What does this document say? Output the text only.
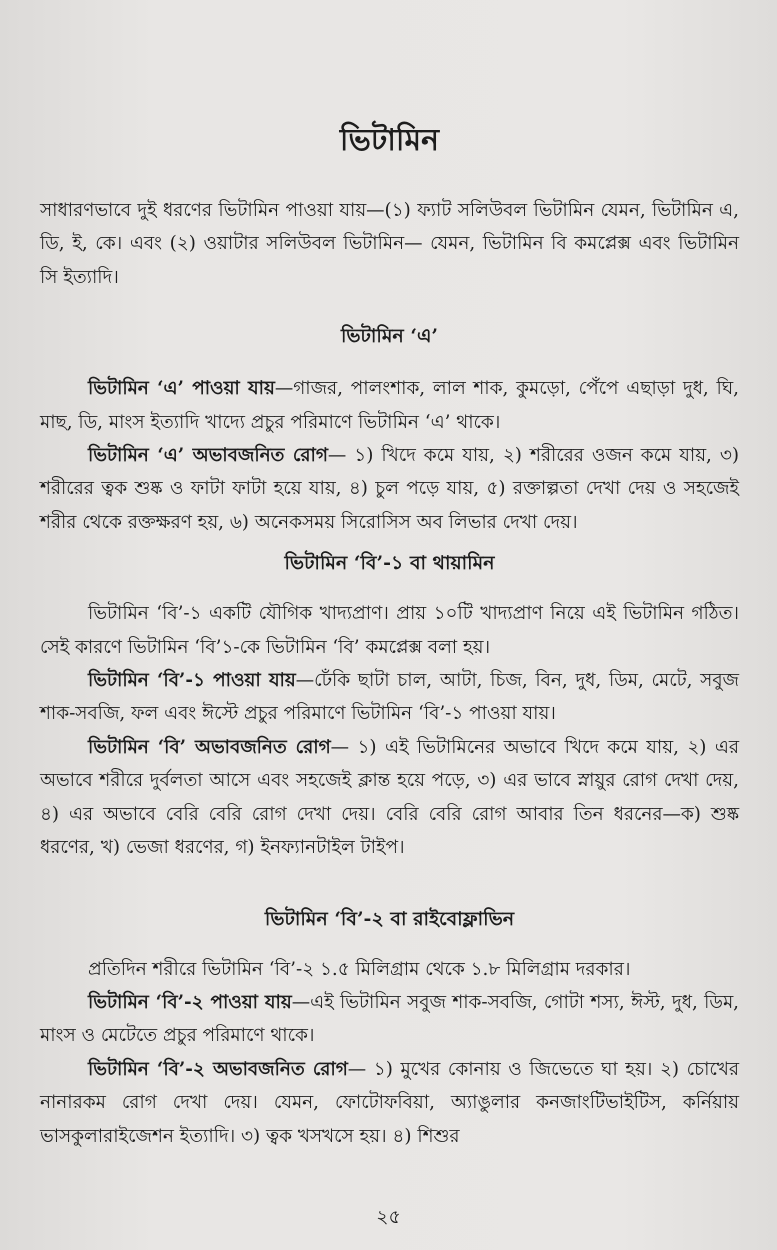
ভিটামিন

সাধারণভাবে দুই ধরণের ভিটামিন পাওয়া যায়—(১) ফ্যাট সলিউবল ভিটামিন যেমন, ভিটামিন এ, ডি, ই, কে। এবং (২) ওয়াটার সলিউবল ভিটামিন— যেমন, ভিটামিন বি কমপ্লেক্স এবং ভিটামিন সি ইত্যাদি।

ভিটামিন ‘এ’

ভিটামিন ‘এ’ পাওয়া যায়—গাজর, পালংশাক, লাল শাক, কুমড়ো, পেঁপে এছাড়া দুধ, ঘি, মাছ, ডি, মাংস ইত্যাদি খাদ্যে প্রচুর পরিমাণে ভিটামিন ‘এ’ থাকে।

ভিটামিন ‘এ’ অভাবজনিত রোগ— ১) খিদে কমে যায়, ২) শরীরের ওজন কমে যায়, ৩) শরীরের ত্বক শুষ্ক ও ফাটা ফাটা হয়ে যায়, ৪) চুল পড়ে যায়, ৫) রক্তাল্পতা দেখা দেয় ও সহজেই শরীর থেকে রক্তক্ষরণ হয়, ৬) অনেকসময় সিরোসিস অব লিভার দেখা দেয়।

ভিটামিন ‘বি’-১ বা থায়ামিন

ভিটামিন ‘বি’-১ একটি যৌগিক খাদ্যপ্রাণ। প্রায় ১০টি খাদ্যপ্রাণ নিয়ে এই ভিটামিন গঠিত। সেই কারণে ভিটামিন ‘বি’১-কে ভিটামিন ‘বি’ কমপ্লেক্স বলা হয়।

ভিটামিন ‘বি’-১ পাওয়া যায়—ঢেঁকি ছাটা চাল, আটা, চিজ, বিন, দুধ, ডিম, মেটে, সবুজ শাক-সবজি, ফল এবং ঈস্টে প্রচুর পরিমাণে ভিটামিন ‘বি’-১ পাওয়া যায়।

ভিটামিন ‘বি’ অভাবজনিত রোগ— ১) এই ভিটামিনের অভাবে খিদে কমে যায়, ২) এর অভাবে শরীরে দুর্বলতা আসে এবং সহজেই ক্লান্ত হয়ে পড়ে, ৩) এর ভাবে স্নায়ুর রোগ দেখা দেয়, ৪) এর অভাবে বেরি বেরি রোগ দেখা দেয়। বেরি বেরি রোগ আবার তিন ধরনের—ক) শুষ্ক ধরণের, খ) ভেজা ধরণের, গ) ইনফ্যানটাইল টাইপ।

ভিটামিন ‘বি’-২ বা রাইবোফ্লাভিন

প্রতিদিন শরীরে ভিটামিন ‘বি’-২ ১.৫ মিলিগ্রাম থেকে ১.৮ মিলিগ্রাম দরকার।

ভিটামিন ‘বি’-২ পাওয়া যায়—এই ভিটামিন সবুজ শাক-সবজি, গোটা শস্য, ঈস্ট, দুধ, ডিম, মাংস ও মেটেতে প্রচুর পরিমাণে থাকে।

ভিটামিন ‘বি’-২ অভাবজনিত রোগ— ১) মুখের কোনায় ও জিভেতে ঘা হয়। ২) চোখের নানারকম রোগ দেখা দেয়। যেমন, ফোটোফবিয়া, অ্যাঙুলার কনজাংটিভাইটিস, কর্নিয়ায় ভাসকুলারাইজেশন ইত্যাদি। ৩) ত্বক খসখসে হয়। ৪) শিশুর

২৫
